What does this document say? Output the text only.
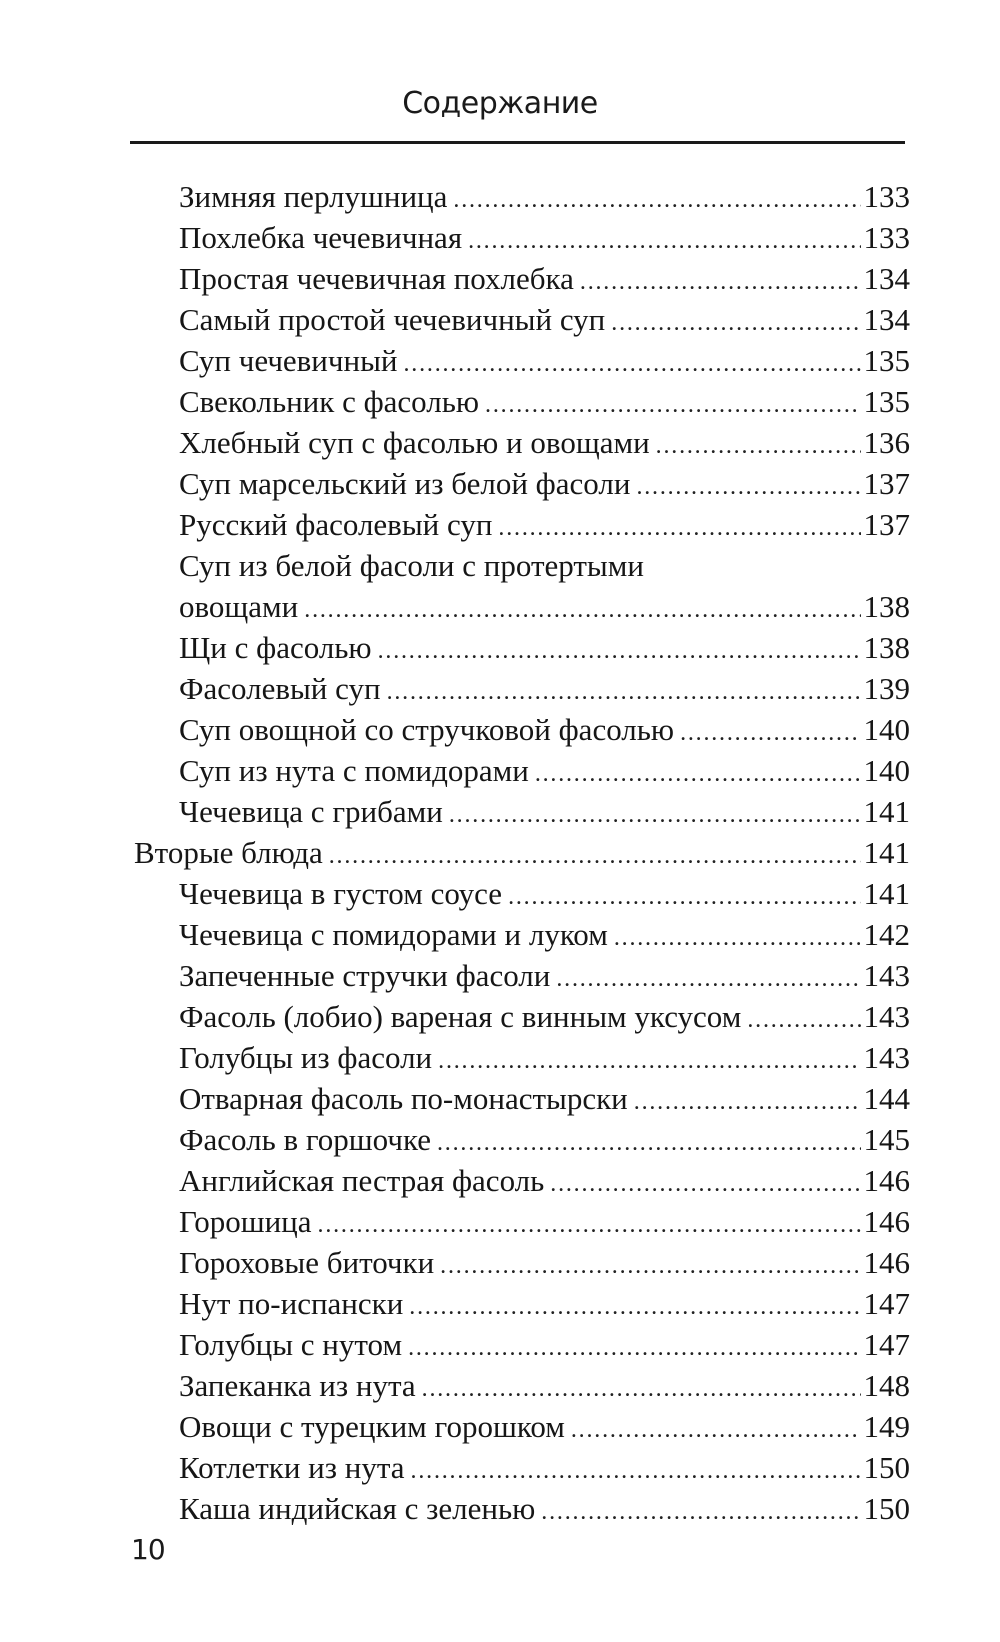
Содержание
Зимняя перлушница .....	133
Похлебка чечевичная .....	133
Простая чечевичная похлебка .....	134
Самый простой чечевичный суп .....	134
Суп чечевичный .....	135
Свекольник с фасолью .....	135
Хлебный суп с фасолью и овощами .....	136
Суп марсельский из белой фасоли .....	137
Русский фасолевый суп .....	137
Суп из белой фасоли с протертыми
овощами .....	138
Щи с фасолью .....	138
Фасолевый суп .....	139
Суп овощной со стручковой фасолью .....	140
Суп из нута с помидорами .....	140
Чечевица с грибами .....	141
Вторые блюда .....	141
Чечевица в густом соусе .....	141
Чечевица с помидорами и луком .....	142
Запеченные стручки фасоли .....	143
Фасоль (лобио) вареная с винным уксусом .....	143
Голубцы из фасоли .....	143
Отварная фасоль по-монастырски .....	144
Фасоль в горшочке .....	145
Английская пестрая фасоль .....	146
Горошица .....	146
Гороховые биточки .....	146
Нут по-испански .....	147
Голубцы с нутом .....	147
Запеканка из нута .....	148
Овощи с турецким горошком .....	149
Котлетки из нута .....	150
Каша индийская с зеленью .....	150
10
